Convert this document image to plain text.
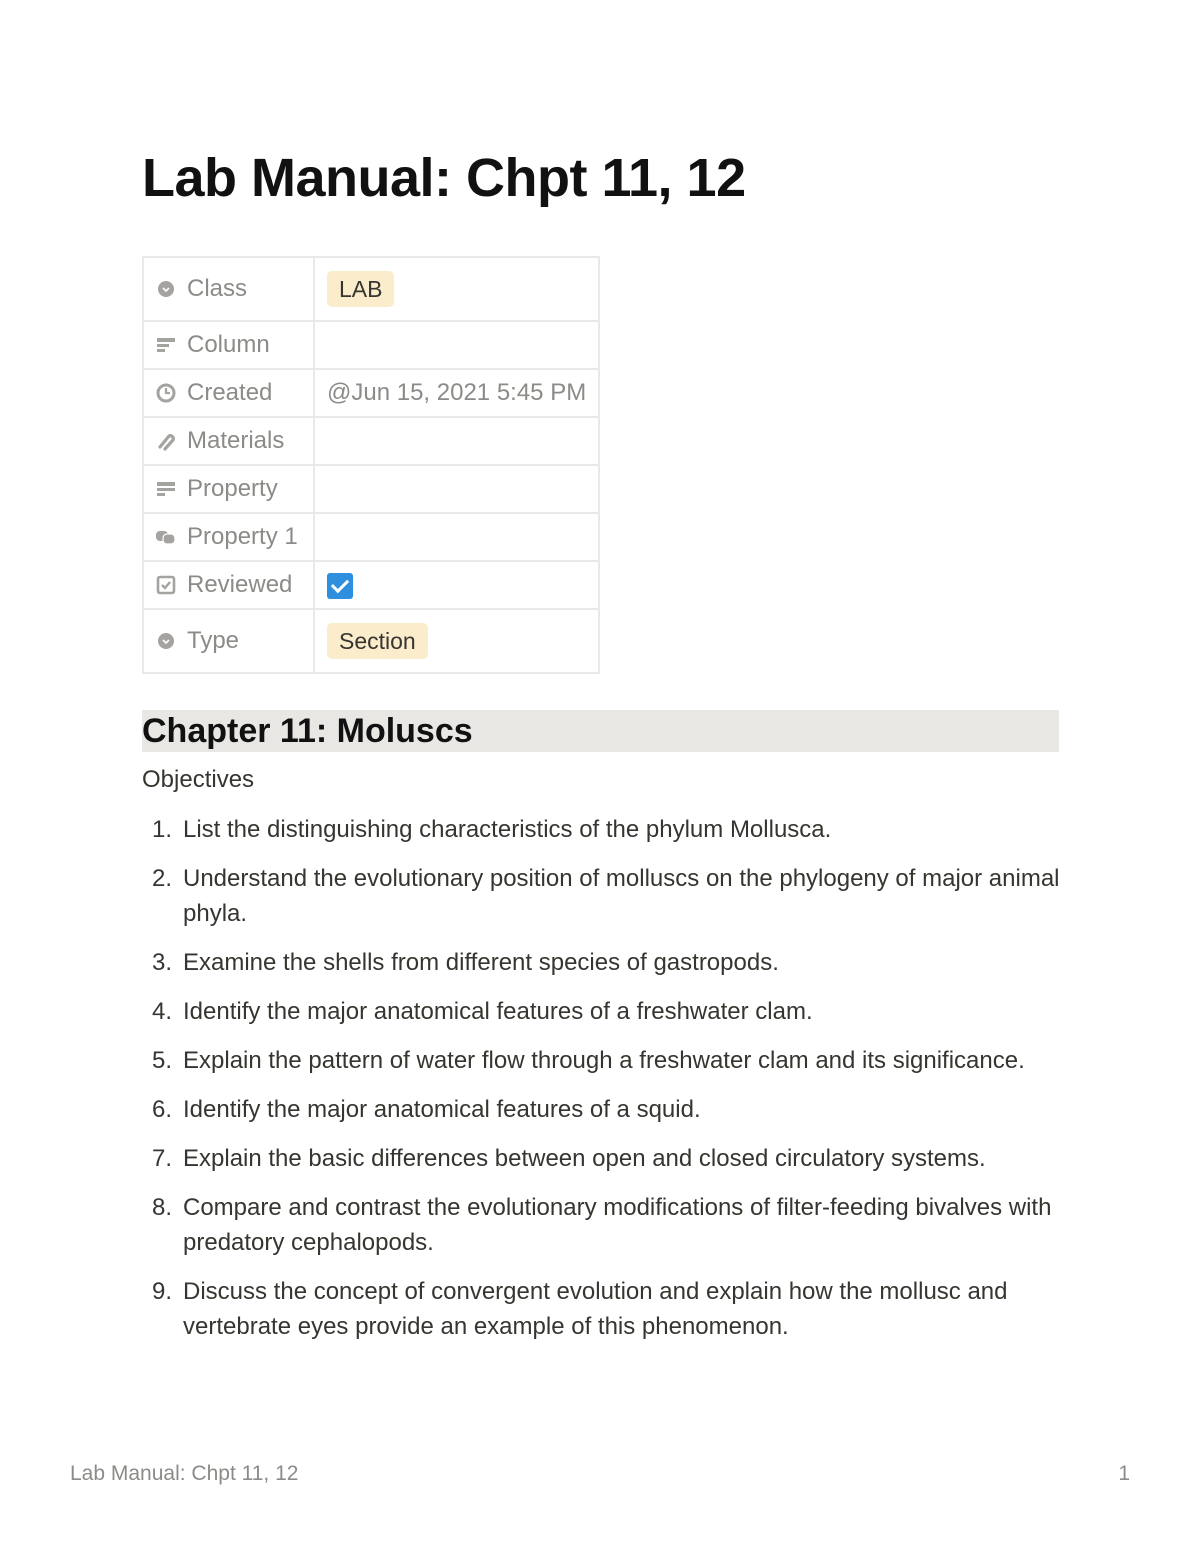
Lab Manual: Chpt 11, 12
Class	LAB

Column	

Created	@Jun 15, 2021 5:45 PM

Materials	

Property	

Property 1	

Reviewed	

Type	Section
Chapter 11: Moluscs

Objectives

1. List the distinguishing characteristics of the phylum Mollusca.
2. Understand the evolutionary position of molluscs on the phylogeny of major animal phyla.
3. Examine the shells from different species of gastropods.
4. Identify the major anatomical features of a freshwater clam.
5. Explain the pattern of water flow through a freshwater clam and its significance.
6. Identify the major anatomical features of a squid.
7. Explain the basic differences between open and closed circulatory systems.
8. Compare and contrast the evolutionary modifications of filter-feeding bivalves with predatory cephalopods.
9. Discuss the concept of convergent evolution and explain how the mollusc and vertebrate eyes provide an example of this phenomenon.
Lab Manual: Chpt 11, 12	1
